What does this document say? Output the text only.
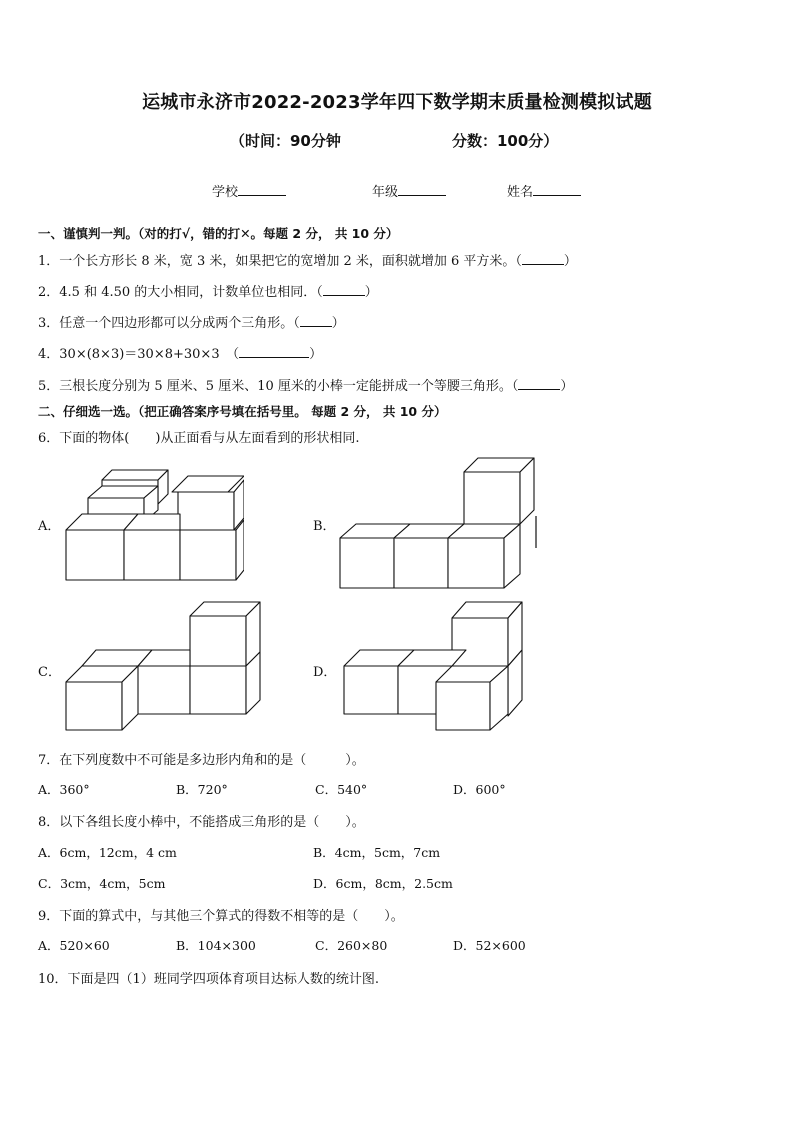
运城市永济市2022-2023学年四下数学期末质量检测模拟试题
（时间：90分钟	分数：100分）
学校	年级	姓名
一、谨慎判一判。（对的打√，错的打✕。每题 2 分， 共 10 分）
1．一个长方形长 8 米，宽 3 米，如果把它的宽增加 2 米，面积就增加 6 平方米。（	）
2．4.5 和 4.50 的大小相同，计数单位也相同．（	）
3．任意一个四边形都可以分成两个三角形。（ ）
4．30×(8×3)＝30×8+30×3　（	）
5．三根长度分别为 5 厘米、5 厘米、10 厘米的小棒一定能拼成一个等腰三角形。（	）
二、仔细选一选。（把正确答案序号填在括号里。 每题 2 分， 共 10 分）
6．下面的物体(　　)从正面看与从左面看到的形状相同.
A．	B．
C．	D．
7．在下列度数中不可能是多边形内角和的是（　　　）。
A．360°	B．720°	C．540°	D．600°
8．以下各组长度小棒中，不能搭成三角形的是（　　）。
A．6cm，12cm，4 cm	B．4cm，5cm，7cm
C．3cm，4cm，5cm	D．6cm，8cm，2.5cm
9．下面的算式中，与其他三个算式的得数不相等的是（　　）。
A．520×60	B．104×300	C．260×80	D．52×600
10．下面是四（1）班同学四项体育项目达标人数的统计图.
